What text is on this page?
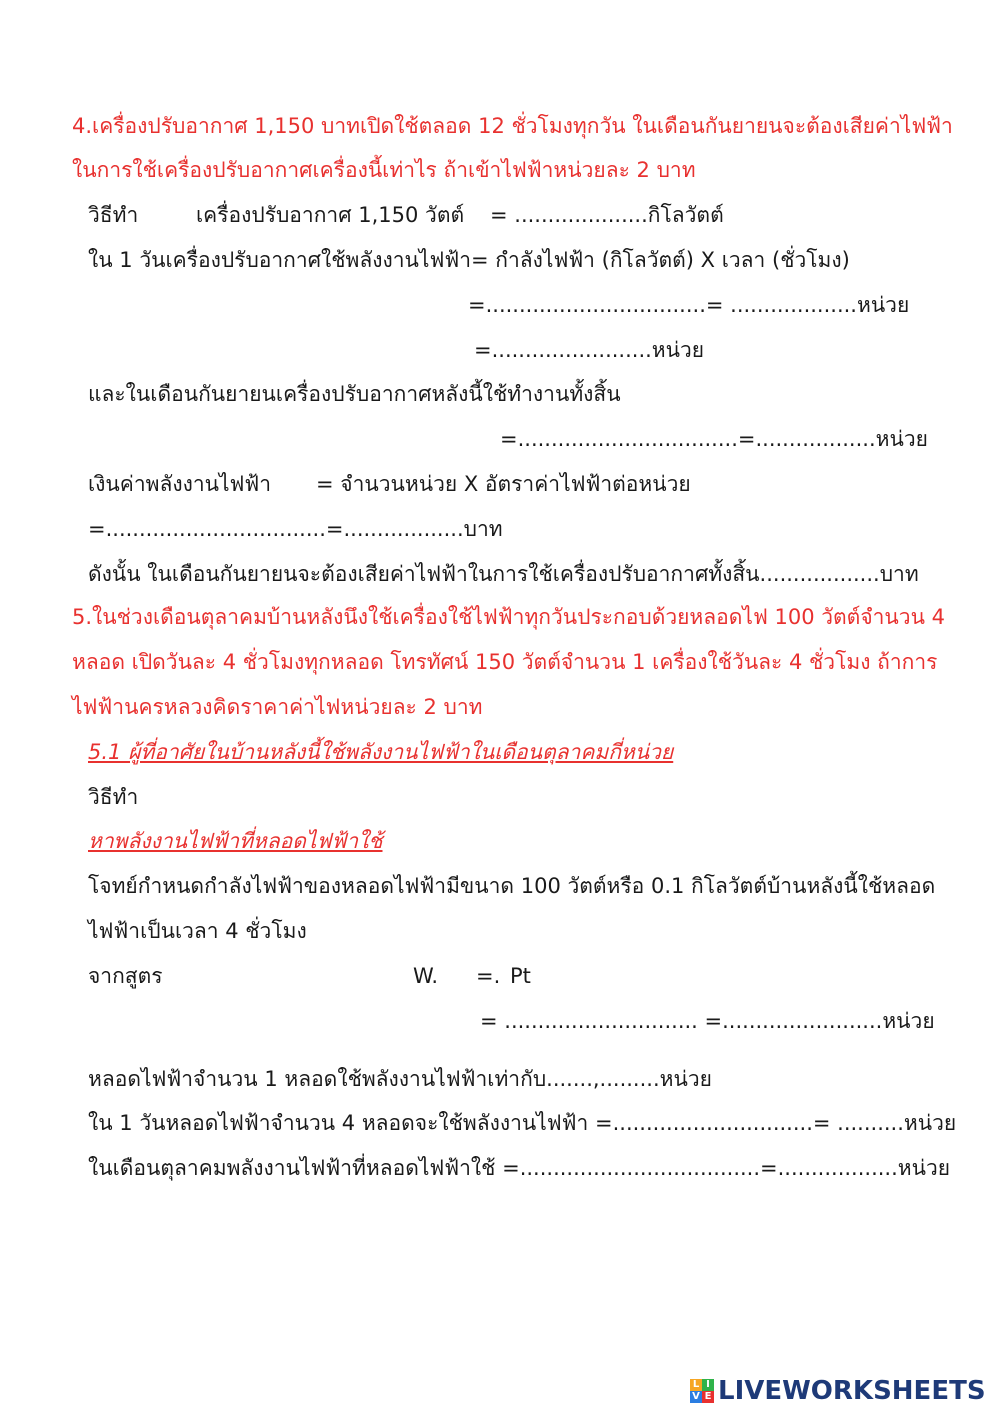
4.เครื่องปรับอากาศ 1,150 บาทเปิดใช้ตลอด 12 ชั่วโมงทุกวัน ในเดือนกันยายนจะต้องเสียค่าไฟฟ้า
ในการใช้เครื่องปรับอากาศเครื่องนี้เท่าไร ถ้าเข้าไฟฟ้าหน่วยละ 2 บาท
วิธีทำ	เครื่องปรับอากาศ 1,150 วัตต์ = ....................กิโลวัตต์
ใน 1 วันเครื่องปรับอากาศใช้พลังงานไฟฟ้า= กำลังไฟฟ้า (กิโลวัตต์) X เวลา (ชั่วโมง)
=.................................= ...................หน่วย
=........................หน่วย
และในเดือนกันยายนเครื่องปรับอากาศหลังนี้ใช้ทำงานทั้งสิ้น
=.................................=..................หน่วย
เงินค่าพลังงานไฟฟ้า = จำนวนหน่วย X อัตราค่าไฟฟ้าต่อหน่วย
=.................................=..................บาท
ดังนั้น ในเดือนกันยายนจะต้องเสียค่าไฟฟ้าในการใช้เครื่องปรับอากาศทั้งสิ้น..................บาท
5.ในช่วงเดือนตุลาคมบ้านหลังนึงใช้เครื่องใช้ไฟฟ้าทุกวันประกอบด้วยหลอดไฟ 100 วัตต์จำนวน 4
หลอด เปิดวันละ 4 ชั่วโมงทุกหลอด โทรทัศน์ 150 วัตต์จำนวน 1 เครื่องใช้วันละ 4 ชั่วโมง ถ้าการ
ไฟฟ้านครหลวงคิดราคาค่าไฟหน่วยละ 2 บาท
5.1 ผู้ที่อาศัยในบ้านหลังนี้ใช้พลังงานไฟฟ้าในเดือนตุลาคมกี่หน่วย
วิธีทำ
หาพลังงานไฟฟ้าที่หลอดไฟฟ้าใช้
โจทย์กำหนดกำลังไฟฟ้าของหลอดไฟฟ้ามีขนาด 100 วัตต์หรือ 0.1 กิโลวัตต์บ้านหลังนี้ใช้หลอด
ไฟฟ้าเป็นเวลา 4 ชั่วโมง
จากสูตร	W. =. Pt
= ............................. =........................หน่วย
หลอดไฟฟ้าจำนวน 1 หลอดใช้พลังงานไฟฟ้าเท่ากับ.......,.........หน่วย
ใน 1 วันหลอดไฟฟ้าจำนวน 4 หลอดจะใช้พลังงานไฟฟ้า =..............................= ..........หน่วย
ในเดือนตุลาคมพลังงานไฟฟ้าที่หลอดไฟฟ้าใช้ =....................................=..................หน่วย
L I
V E LIVEWORKSHEETS
